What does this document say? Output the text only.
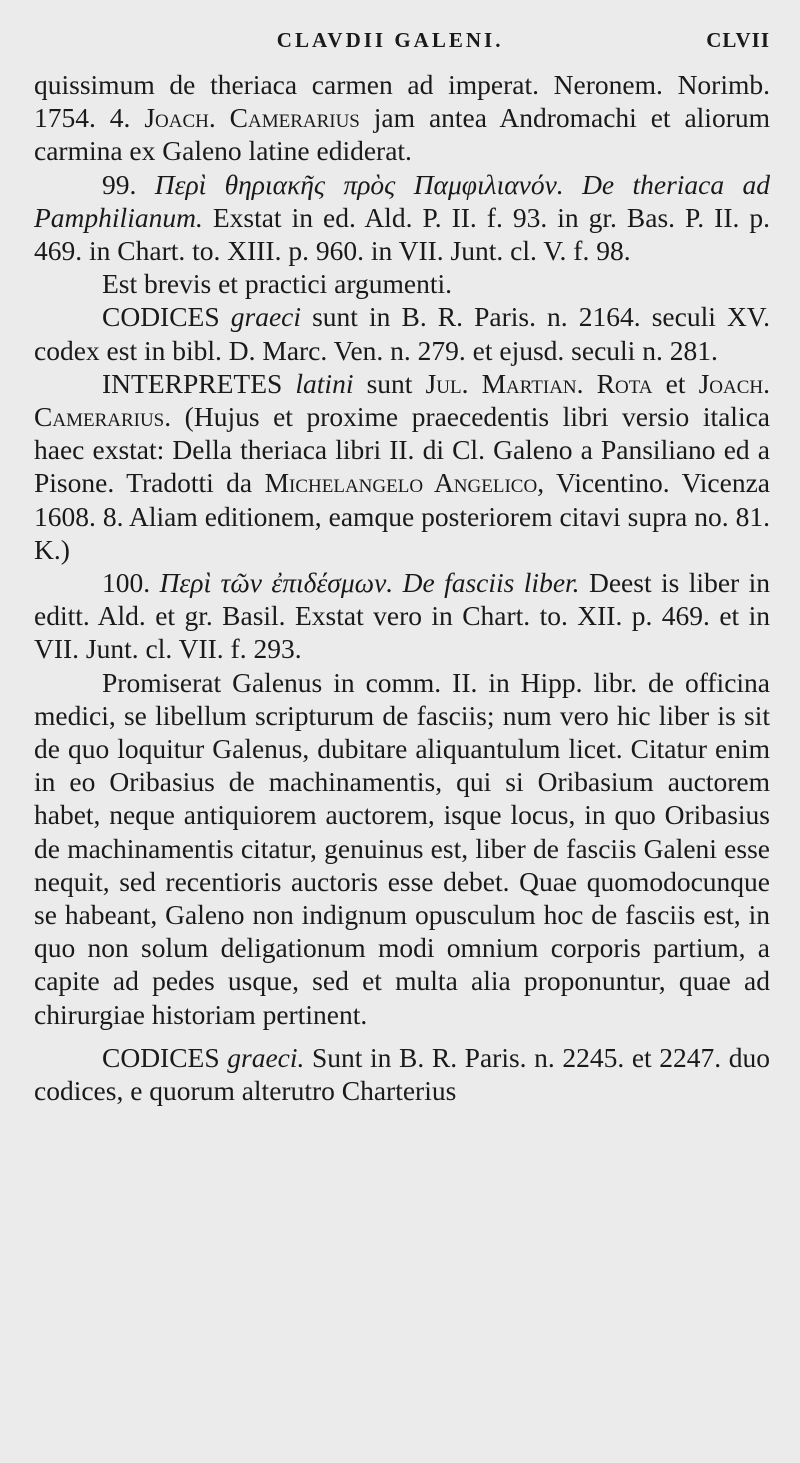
CLAVDII GALENI.	CLVII

quissimum de theriaca carmen ad imperat. Neronem. Norimb. 1754. 4. Joach. Camerarius jam antea Andromachi et aliorum carmina ex Galeno latine ediderat.

99. Περὶ θηριακῆς πρὸς Παμφιλιανόν. De theriaca ad Pamphilianum. Exstat in ed. Ald. P. II. f. 93. in gr. Bas. P. II. p. 469. in Chart. to. XIII. p. 960. in VII. Junt. cl. V. f. 98.

Est brevis et practici argumenti.

CODICES graeci sunt in B. R. Paris. n. 2164. seculi XV. codex est in bibl. D. Marc. Ven. n. 279. et ejusd. seculi n. 281.

INTERPRETES latini sunt Jul. Martian. Rota et Joach. Camerarius. (Hujus et proxime praecedentis libri versio italica haec exstat: Della theriaca libri II. di Cl. Galeno a Pansiliano ed a Pisone. Tradotti da Michelangelo Angelico, Vicentino. Vicenza 1608. 8. Aliam editionem, eamque posteriorem citavi supra no. 81. K.)

100. Περὶ τῶν ἐπιδέσμων. De fasciis liber. Deest is liber in editt. Ald. et gr. Basil. Exstat vero in Chart. to. XII. p. 469. et in VII. Junt. cl. VII. f. 293.

Promiserat Galenus in comm. II. in Hipp. libr. de officina medici, se libellum scripturum de fasciis; num vero hic liber is sit de quo loquitur Galenus, dubitare aliquantulum licet. Citatur enim in eo Oribasius de machinamentis, qui si Oribasium auctorem habet, neque antiquiorem auctorem, isque locus, in quo Oribasius de machinamentis citatur, genuinus est, liber de fasciis Galeni esse nequit, sed recentioris auctoris esse debet. Quae quomodocunque se habeant, Galeno non indignum opusculum hoc de fasciis est, in quo non solum deligationum modi omnium corporis partium, a capite ad pedes usque, sed et multa alia proponuntur, quae ad chirurgiae historiam pertinent.

CODICES graeci. Sunt in B. R. Paris. n. 2245. et 2247. duo codices, e quorum alterutro Charterius
